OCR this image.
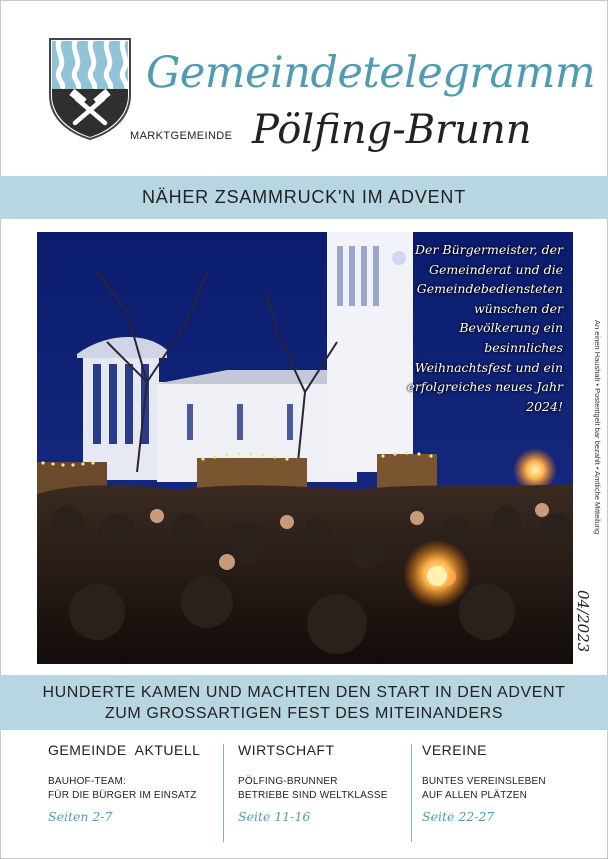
Gemeindetelegramm
MARKTGEMEINDE Pölfing-Brunn
NÄHER ZSAMMRUCK'N IM ADVENT
Der Bürgermeister, der Gemeinderat und die Gemeindebediensteten wünschen der Bevölkerung ein besinnliches Weihnachtsfest und ein erfolgreiches neues Jahr 2024!	An einen Haushalt • Postentgelt bar bezahlt • Amtliche Mitteilung
04/2023
HUNDERTE KAMEN UND MACHTEN DEN START IN DEN ADVENT
ZUM GROSSARTIGEN FEST DES MITEINANDERS
GEMEINDE  AKTUELL

BAUHOF-TEAM:

FÜR DIE BÜRGER IM EINSATZ

Seiten 2-7
WIRTSCHAFT

PÖLFING-BRUNNER

BETRIEBE SIND WELTKLASSE

Seite 11-16
VEREINE

BUNTES VEREINSLEBEN

AUF ALLEN PLÄTZEN

Seite 22-27
